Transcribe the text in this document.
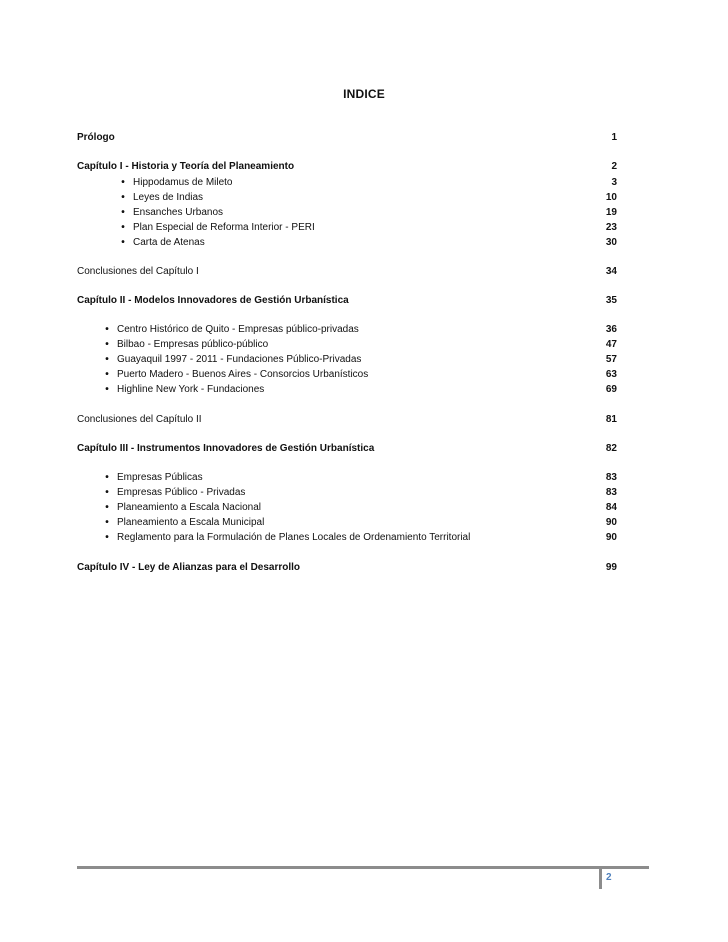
INDICE
Prólogo	1
Capítulo I - Historia y Teoría del Planeamiento	2
• Hippodamus de Mileto	3
• Leyes de Indias	10
• Ensanches Urbanos	19
• Plan Especial de Reforma Interior - PERI	23
• Carta de Atenas	30
Conclusiones del Capítulo I	34
Capítulo II - Modelos Innovadores de Gestión Urbanística	35
• Centro Histórico de Quito - Empresas público-privadas	36
• Bilbao - Empresas público-público	47
• Guayaquil 1997 - 2011 - Fundaciones Público-Privadas	57
• Puerto Madero - Buenos Aires - Consorcios Urbanísticos	63
• Highline New York - Fundaciones	69
Conclusiones del Capítulo II	81
Capítulo III - Instrumentos Innovadores de Gestión Urbanística	82
• Empresas Públicas	83
• Empresas Público - Privadas	83
• Planeamiento a Escala Nacional	84
• Planeamiento a Escala Municipal	90
• Reglamento para la Formulación de Planes Locales de Ordenamiento Territorial	90
Capítulo IV - Ley de Alianzas para el Desarrollo	99
2
